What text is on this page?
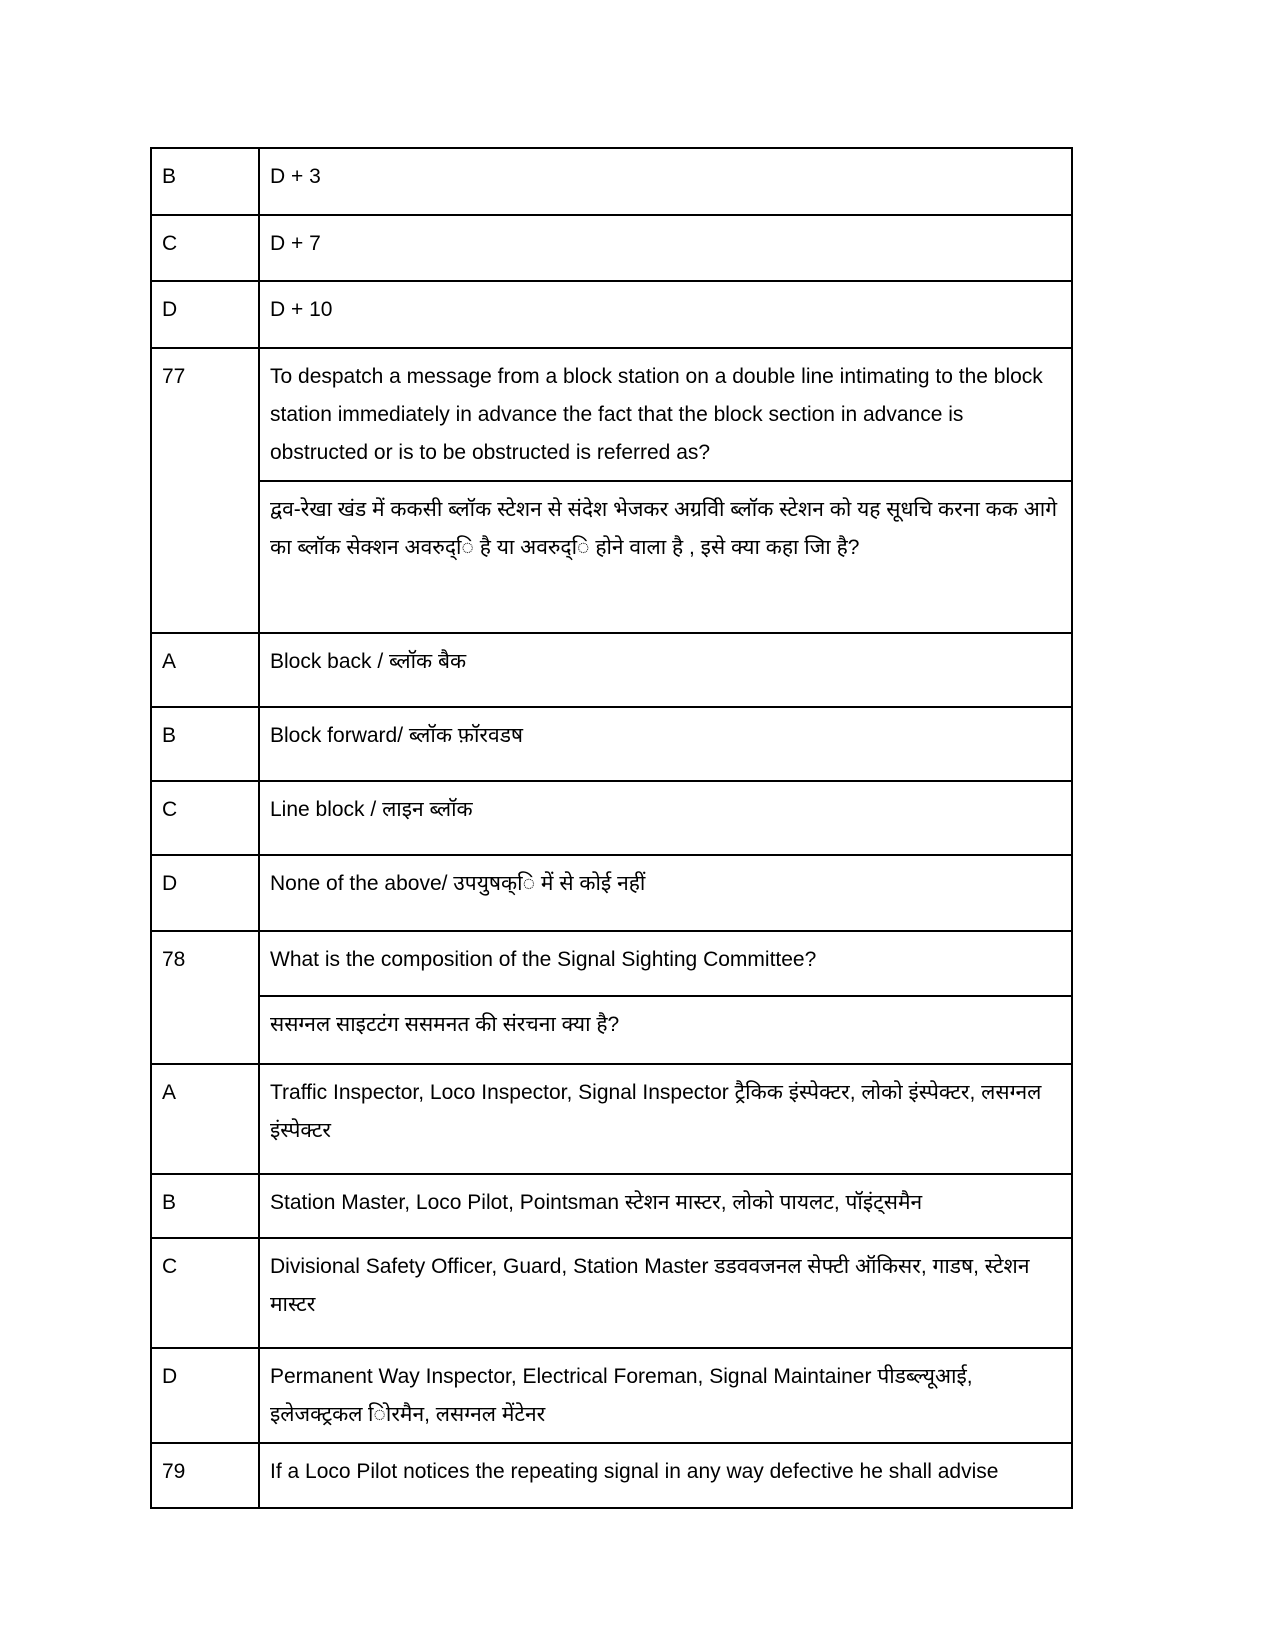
B	D + 3
C	D + 7
D	D + 10
77	To despatch a message from a block station on a double line intimating to the block station immediately in advance the fact that the block section in advance is obstructed or is to be obstructed is referred as?
	द्वव-रेखा खंड में ककसी ब्लॉक स्टेशन से संदेश भेजकर अग्रविी ब्लॉक स्टेशन को यह सूधचि करना कक आगे का ब्लॉक सेक्शन अवरुद्ि है या अवरुद्ि होने वाला है , इसे क्या कहा जिा है?
A	Block back / ब्लॉक बैक
B	Block forward/ ब्लॉक फ़ॉरवडष
C	Line block / लाइन ब्लॉक
D	None of the above/ उपयुषक्ि में से कोई नहीं
78	What is the composition of the Signal Sighting Committee?
	ससग्नल साइटटंग ससमनत की संरचना क्या है?
A	Traffic Inspector, Loco Inspector, Signal Inspector ट्रैकिक इंस्पेक्टर, लोको इंस्पेक्टर, लसग्नल इंस्पेक्टर
B	Station Master, Loco Pilot, Pointsman स्टेशन मास्टर, लोको पायलट, पॉइंट्समैन
C	Divisional Safety Officer, Guard, Station Master डडववजनल सेफ्टी ऑकिसर, गाडष, स्टेशन मास्टर
D	Permanent Way Inspector, Electrical Foreman, Signal Maintainer पीडब्ल्यूआई, इलेजक्ट्रकल िोरमैन, लसग्नल मेंटेनर
79	If a Loco Pilot notices the repeating signal in any way defective he shall advise
